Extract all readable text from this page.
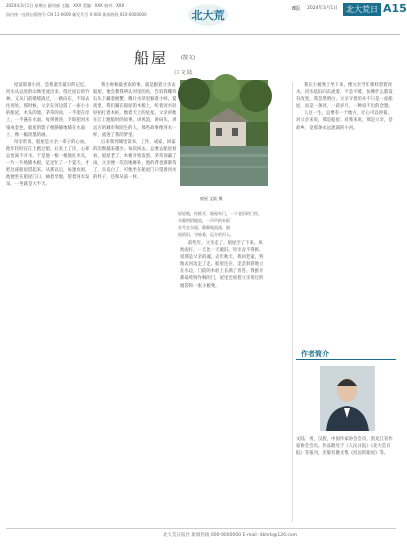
2024年3月1日 星期五 副刊部 主编：XXX 美编：XXX 校对：XXX
国内统一连续出版物号 CN 11-0000 邮发代号 0-000 新闻热线 010-0000000	北大荒	8版 2024年3月1日	北大荒日报
A15
船屋	(散文)
口 文 陆

屋前那条小河，是我童年最早的记忆。河水从远处的山坳里流出来，绕过屋后的竹林，又从门前缓缓淌过，一路向东，不知去往何处。那时候，父亲在河边搭了一座小小的船屋，木头的墙，茅草的顶，一半架在岸上，一半悬在水面。每到黄昏，夕阳把河水染成金色，船屋的影子便静静地铺在水面上，像一幅淡墨的画。

母亲常说，船屋是父亲一辈子的心血。他年轻时在江上跑过船，后来上了岸，心却总也离不开水。于是他一根一根地扛木头，一片一片地铺木板，足足忙了一个夏天，才把这座船屋搭起来。从那以后，每逢农闲，他便坐在船屋门口，抽着旱烟，望着河水发呆，一坐就是大半天。

我小时候最喜欢的事，就是跟着父亲去船屋。他会教我辨认河里的鱼，告诉我哪块石头下藏着螃蟹，哪片水草里躲着小虾。夏夜里，我们躺在船屋的木板上，听着河水轻轻拍打着木桩，数着天上的星星。父亲讲他在江上跑船时的故事，讲风浪，讲码头，讲远方的城市和陌生的人。那些故事像河水一样，流进了我的梦里。

后来我到城里读书，工作，成家，回家的次数越来越少。每次回去，总要去船屋看看。船屋老了，木板开始发黑，茅草顶漏了雨，父亲便一次次地修补。他的背也渐渐弯了，头发白了，可他坐在船屋门口望着河水的样子，还和从前一样。

船屋 文陆 摄
轻轻地，你推开，船屋木门，一个老旧的门坎，
水静悄悄地流，一声声的木板
岁月在水面，静静地流淌，船
屋依旧，守候着，远方的归人。

前些年，父亲走了。船屋空了下来，风吹雨打，一天比一天破旧。母亲舍不得拆，说那是父亲的魂。去年秋天，我回老家，特地去河边走了走。船屋还在，歪歪斜斜地立在水边，门前的木桩上长满了青苔。我推开那扇吱呀作响的门，屋里还放着父亲用过的烟袋和一张小板凳。

我在小板凳上坐下来，像父亲当年那样望着河水。河水依旧向东流着，不急不缓，仿佛什么都没有改变。我忽然明白，父亲守着的并不只是一座船屋，而是一条河，一段岁月，一种说不出的念想。

人这一生，总要有一个地方，让心可以停靠。对父亲来说，那是船屋；对我来说，那是父亲，是故乡，是那条永远流淌的小河。

作者简介
文陆，男，汉族，中国作家协会会员，黑龙江省作家协会会员。作品散见于《人民日报》《北大荒日报》等报刊，出版有散文集《河边的船屋》等。
北大荒日报社 新闻热线 000-0000000 E-mail: dbhrb@126.com
